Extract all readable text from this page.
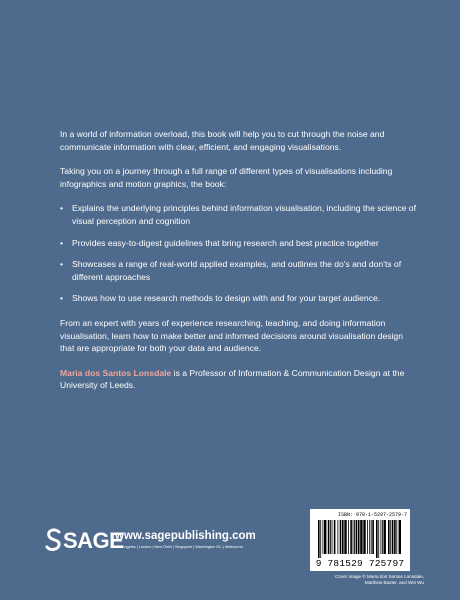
In a world of information overload, this book will help you to cut through the noise and communicate information with clear, efficient, and engaging visualisations.

Taking you on a journey through a full range of different types of visualisations including infographics and motion graphics, the book:

• Explains the underlying principles behind information visualisation, including the science of visual perception and cognition
• Provides easy-to-digest guidelines that bring research and best practice together
• Showcases a range of real-world applied examples, and outlines the do's and don'ts of different approaches
• Shows how to use research methods to design with and for your target audience.

From an expert with years of experience researching, teaching, and doing information visualisation, learn how to make better and informed decisions around visualisation design that are appropriate for both your data and audience.

Maria dos Santos Lonsdale is a Professor of Information & Communication Design at the University of Leeds.

SAGE
www.sagepublishing.com
Los Angeles | London | New Delhi | Singapore | Washington DC | Melbourne
ISBN: 978-1-5297-2579-7
9 781529 725797
Cover image © Maria dos Santos Lonsdale,
Matthew Baxter, and Wei Wu
